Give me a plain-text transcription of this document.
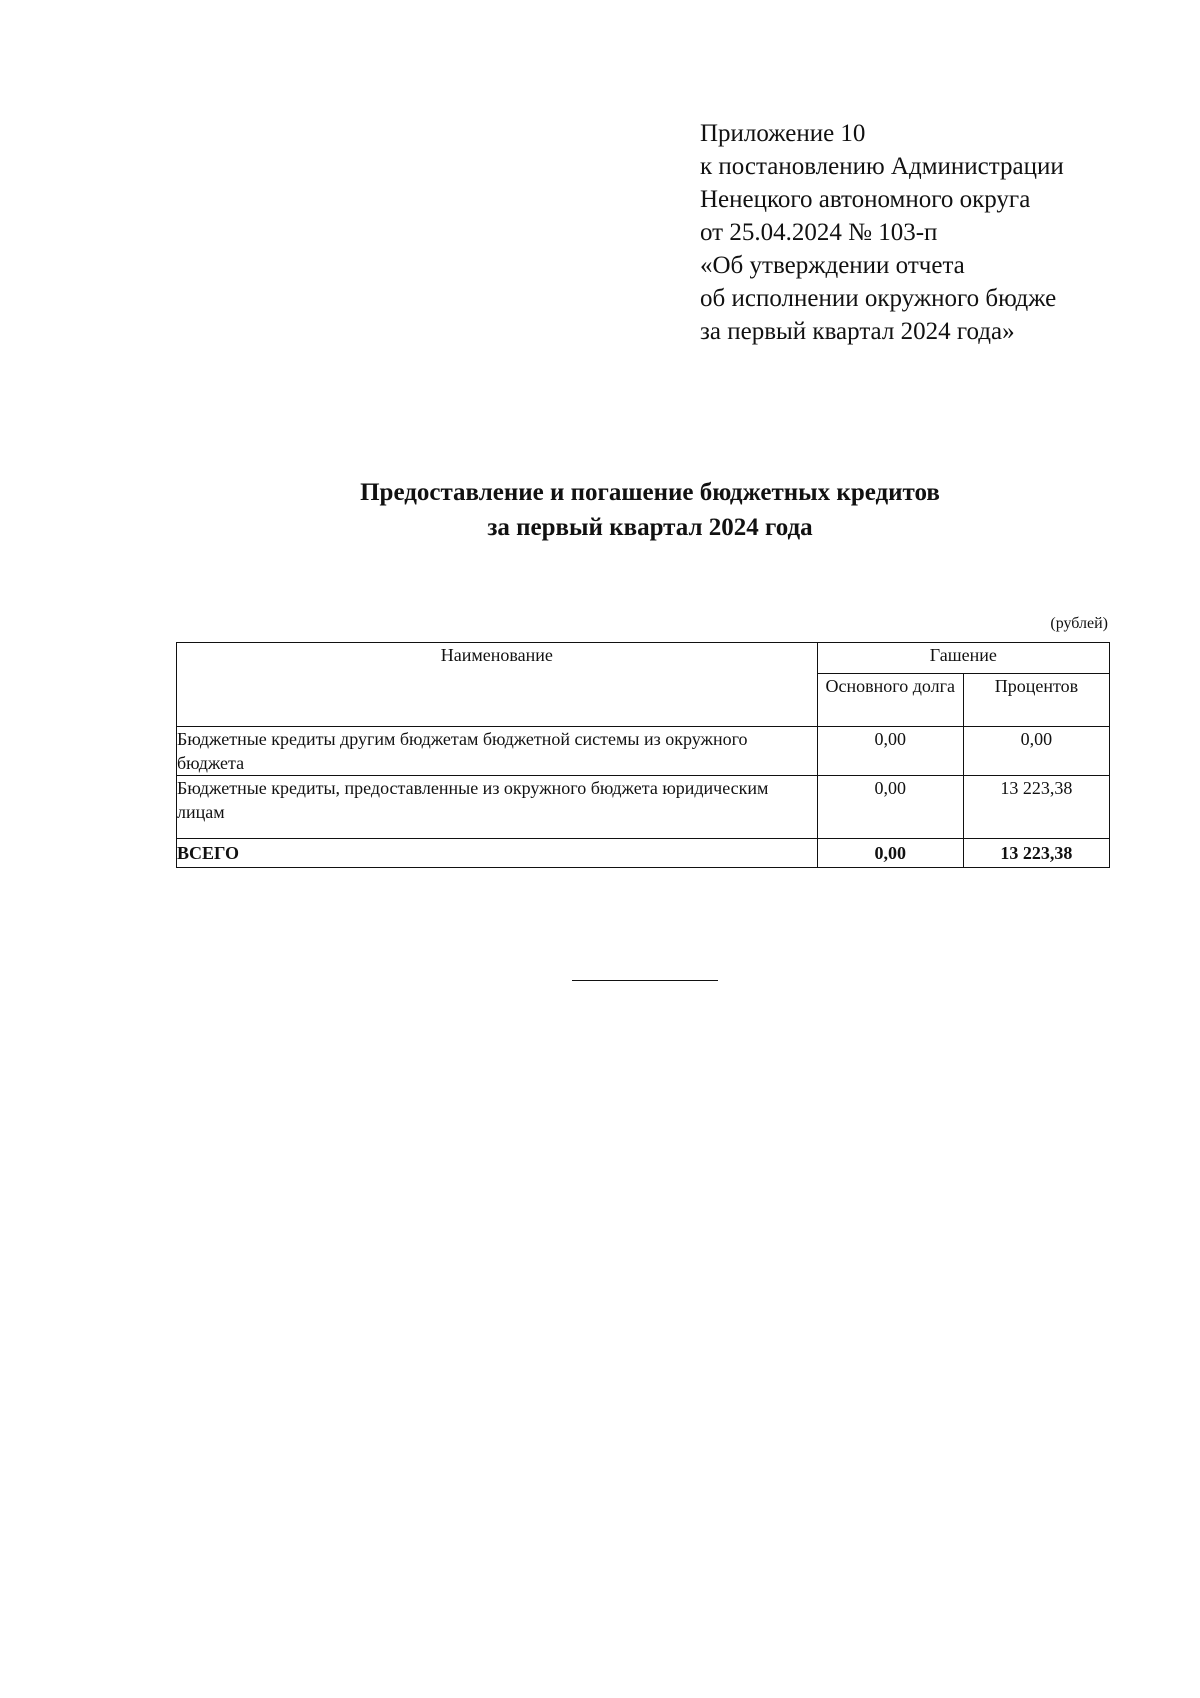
Приложение 10
к постановлению Администрации
Ненецкого автономного округа
от 25.04.2024 № 103-п
«Об утверждении отчета
об исполнении окружного бюдже
за первый квартал 2024 года»
Предоставление и погашение бюджетных кредитов
за первый квартал 2024 года
(рублей)
Наименование	Гашение	
	Основного долга	Процентов
Бюджетные кредиты другим бюджетам бюджетной системы из окружного бюджета	0,00	0,00
Бюджетные кредиты, предоставленные из окружного бюджета юридическим лицам	0,00	13 223,38
ВСЕГО	0,00	13 223,38
